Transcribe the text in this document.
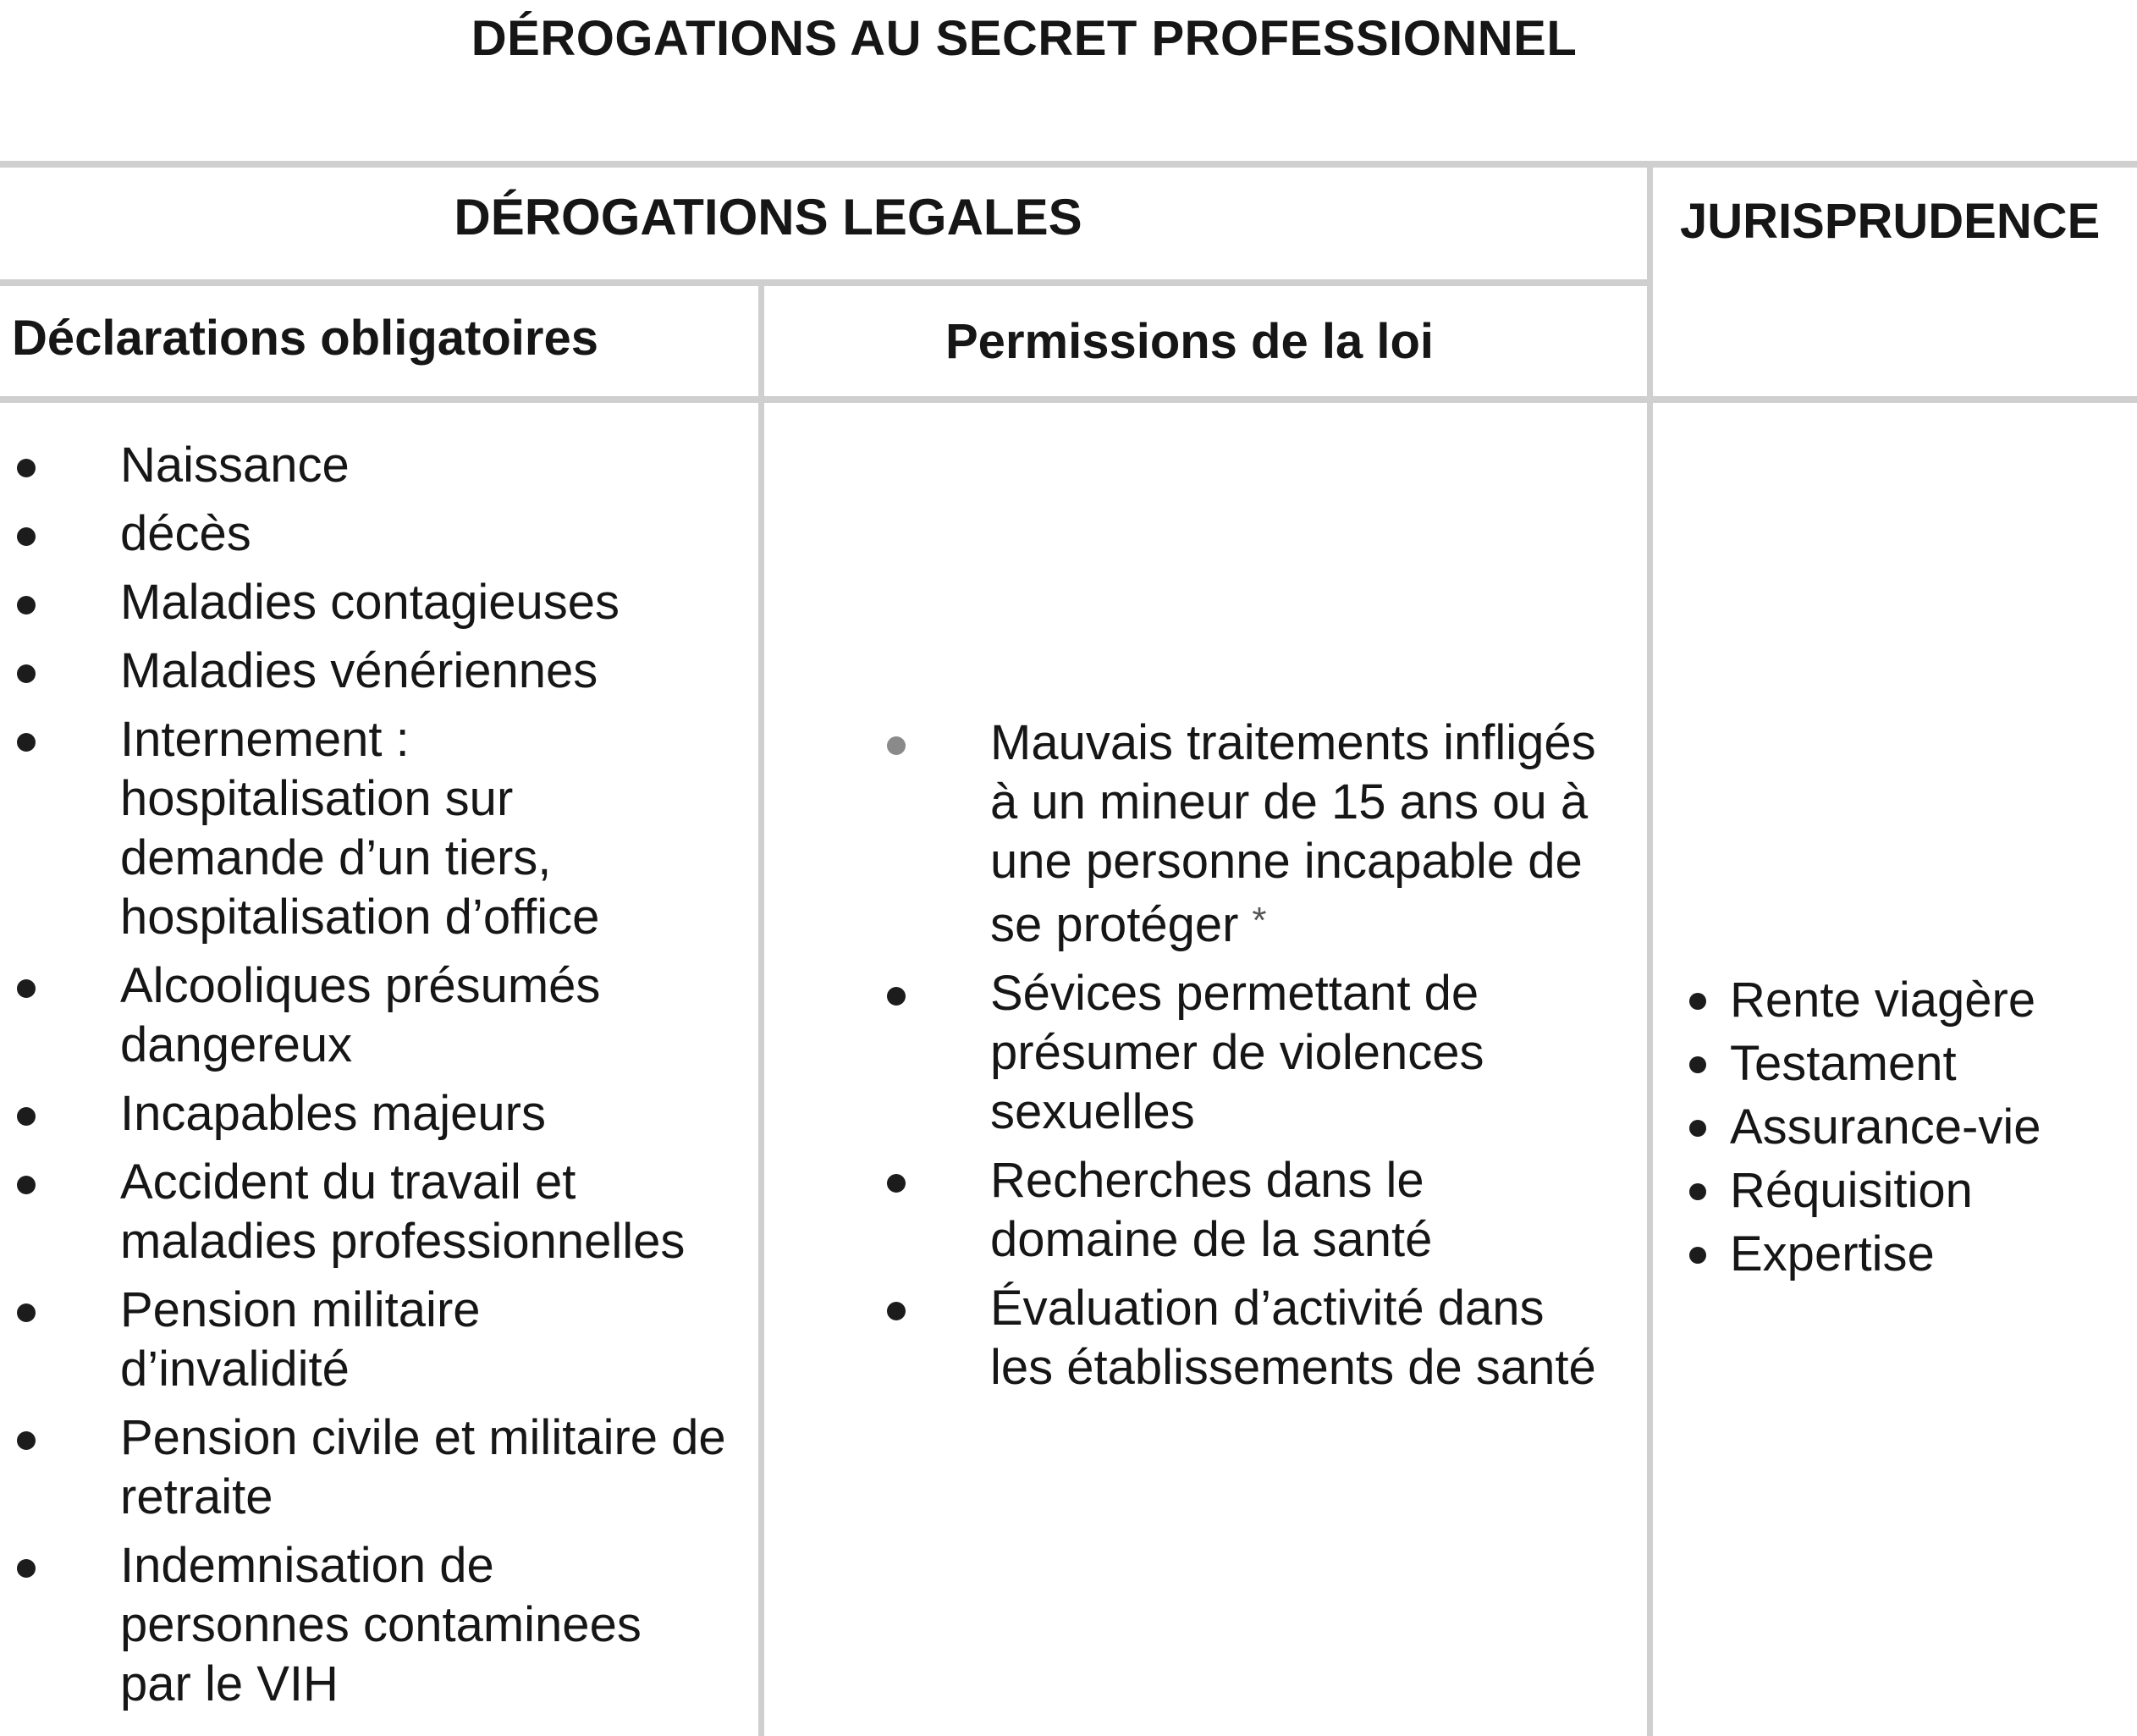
DÉROGATIONS AU SECRET PROFESSIONNEL
DÉROGATIONS LEGALES	JURISPRUDENCE
Déclarations obligatoires	Permissions de la loi
Naissance
décès
Maladies contagieuses
Maladies vénériennes
Internement : hospitalisation sur demande d’un tiers, hospitalisation d’office
Alcooliques présumés dangereux
Incapables majeurs
Accident du travail et maladies professionnelles
Pension militaire d’invalidité
Pension civile et militaire de retraite
Indemnisation de personnes contaminees par le VIH
Mauvais traitements infligés à un mineur de 15 ans ou à une personne incapable de se protéger *
Sévices permettant de présumer de violences sexuelles
Recherches dans le domaine de la santé
Évaluation d’activité dans les établissements de santé
Rente viagère
Testament
Assurance-vie
Réquisition
Expertise
